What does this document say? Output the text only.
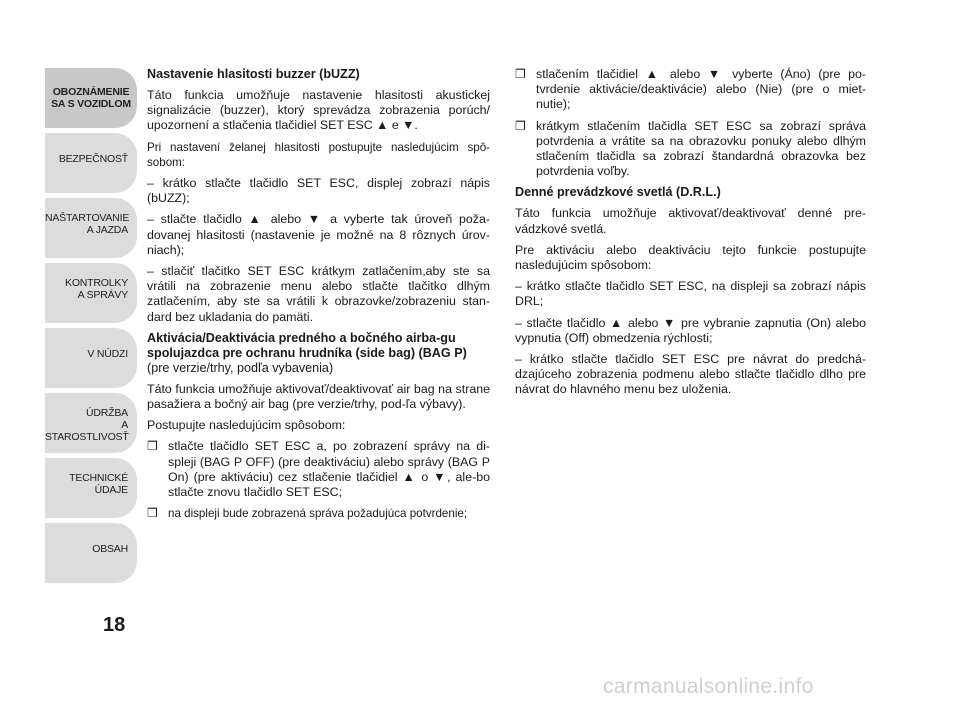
OBOZNÁMENIE
SA S VOZIDLOM
BEZPEČNOSŤ
NAŠTARTOVANIE
A JAZDA
KONTROLKY
A SPRÁVY
V NÚDZI
ÚDRŽBA
A STAROSTLIVOSŤ
TECHNICKÉ
ÚDAJE
OBSAH
18
Nastavenie hlasitosti buzzer (bUZZ)

Táto funkcia umožňuje nastavenie hlasitosti akustickej signalizácie (buzzer), ktorý sprevádza zobrazenia porúch/ upozornení a stlačenia tlačidiel SET ESC ▲ e ▼.

Pri nastavení želanej hlasitosti postupujte nasledujúcim spô-sobom:

– krátko stlačte tlačidlo SET ESC, displej zobrazí nápis (bUZZ);

– stlačte tlačidlo ▲ alebo ▼ a vyberte tak úroveň poža-dovanej hlasitosti (nastavenie je možné na 8 rôznych úrov-niach);

– stlačiť tlačitko SET ESC krátkym zatlačením,aby ste sa vrátili na zobrazenie menu alebo stlačte tlačitko dlhým zatlačením, aby ste sa vrátili k obrazovke/zobrazeniu stan-dard bez ukladania do pamäti.

Aktivácia/Deaktivácia predného a bočného airba-gu spolujazdca pre ochranu hrudníka (side bag) (BAG P) (pre verzie/trhy, podľa vybavenia)

Táto funkcia umožňuje aktivovať/deaktivovať air bag na strane pasažiera a bočný air bag (pre verzie/trhy, pod-ľa výbavy).

Postupujte nasledujúcim spôsobom:

❒ stlačte tlačidlo SET ESC a, po zobrazení správy na di-spleji (BAG P OFF) (pre deaktiváciu) alebo správy (BAG P On) (pre aktiváciu) cez stlačenie tlačidiel ▲ o ▼, ale-bo stlačte znovu tlačidlo SET ESC;
❒ na displeji bude zobrazená správa požadujúca potvrdenie;
❒ stlačením tlačidiel ▲ alebo ▼ vyberte (Áno) (pre po-tvrdenie aktivácie/deaktivácie) alebo (Nie) (pre o miet-nutie);
❒ krátkym stlačením tlačidla SET ESC sa zobrazí správa potvrdenia a vrátite sa na obrazovku ponuky alebo dlhým stlačením tlačidla sa zobrazí štandardná obrazovka bez potvrdenia voľby.
Denné prevádzkové svetlá (D.R.L.)

Táto funkcia umožňuje aktivovať/deaktivovať denné pre-vádzkové svetlá.

Pre aktiváciu alebo deaktiváciu tejto funkcie postupujte nasledujúcim spôsobom:

– krátko stlačte tlačidlo SET ESC, na displeji sa zobrazí nápis DRL;

– stlačte tlačidlo ▲ alebo ▼ pre vybranie zapnutia (On) alebo vypnutia (Off) obmedzenia rýchlosti;

– krátko stlačte tlačidlo SET ESC pre návrat do predchá-dzajúceho zobrazenia podmenu alebo stlačte tlačidlo dlho pre návrat do hlavného menu bez uloženia.

carmanualsonline.info
